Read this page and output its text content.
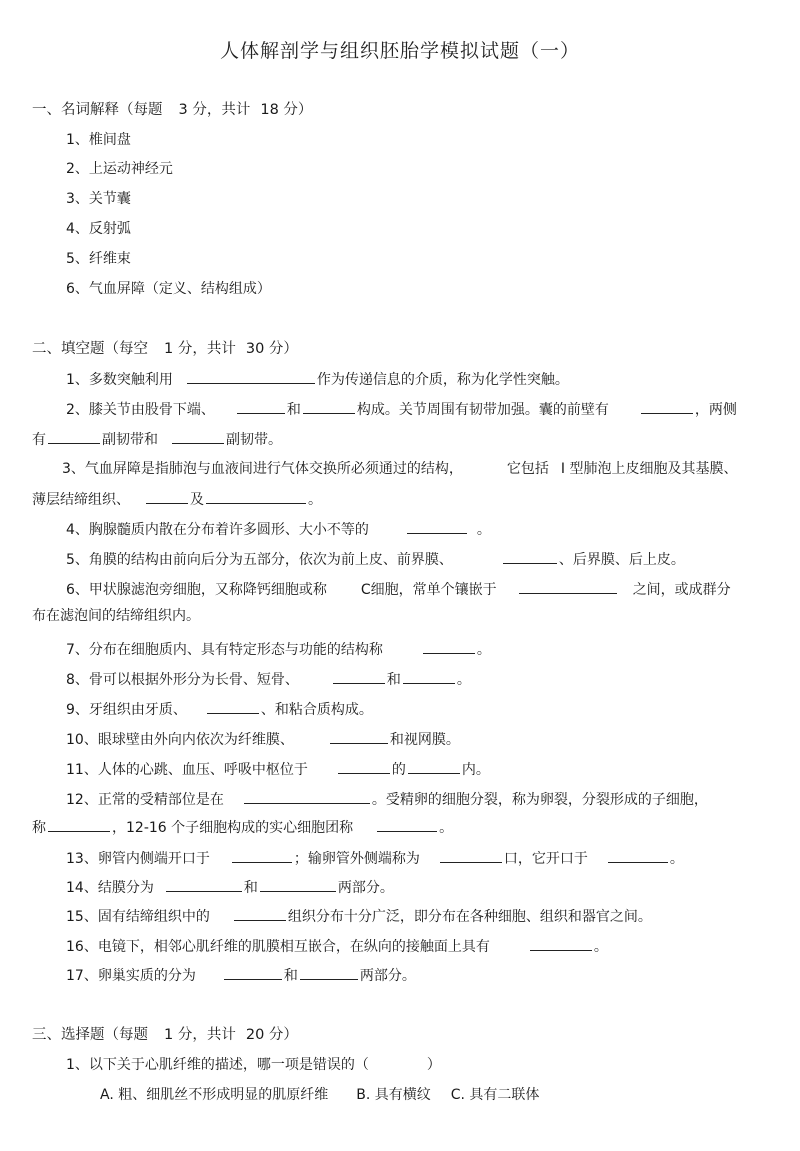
人体解剖学与组织胚胎学模拟试题（一）
一、名词解释（每题 3 分，共计 18 分）
1、椎间盘
2、上运动神经元
3、关节囊
4、反射弧
5、纤维束
6、气血屏障（定义、结构组成）
二、填空题（每空 1 分，共计 30 分）
1、多数突触利用	作为传递信息的介质，称为化学性突触。
2、膝关节由股骨下端、	和	构成。关节周围有韧带加强。囊的前壁有	，两侧
有	副韧带和	副韧带。
3、气血屏障是指肺泡与血液间进行气体交换所必须通过的结构，	它包括 Ⅰ 型肺泡上皮细胞及其基膜、
薄层结缔组织、	及	。
4、胸腺髓质内散在分布着许多圆形、大小不等的	。
5、角膜的结构由前向后分为五部分，依次为前上皮、前界膜、	、后界膜、后上皮。
6、甲状腺滤泡旁细胞，又称降钙细胞或称 C细胞，常单个镶嵌于	之间，或成群分
布在滤泡间的结缔组织内。
7、分布在细胞质内、具有特定形态与功能的结构称	。
8、骨可以根据外形分为长骨、短骨、	和	。
9、牙组织由牙质、	、和粘合质构成。
10、眼球壁由外向内依次为纤维膜、	和视网膜。
11、人体的心跳、血压、呼吸中枢位于	的	内。
12、正常的受精部位是在	。受精卵的细胞分裂，称为卵裂，分裂形成的子细胞，
称	，12-16 个子细胞构成的实心细胞团称	。
13、卵管内侧端开口于	；输卵管外侧端称为	口，它开口于	。
14、结膜分为	和	两部分。
15、固有结缔组织中的	组织分布十分广泛，即分布在各种细胞、组织和器官之间。
16、电镜下，相邻心肌纤维的肌膜相互嵌合，在纵向的接触面上具有	。
17、卵巢实质的分为	和	两部分。
三、选择题（每题 1 分，共计 20 分）
1、以下关于心肌纤维的描述，哪一项是错误的（	）
A. 粗、细肌丝不形成明显的肌原纤维 B. 具有横纹 C. 具有二联体
